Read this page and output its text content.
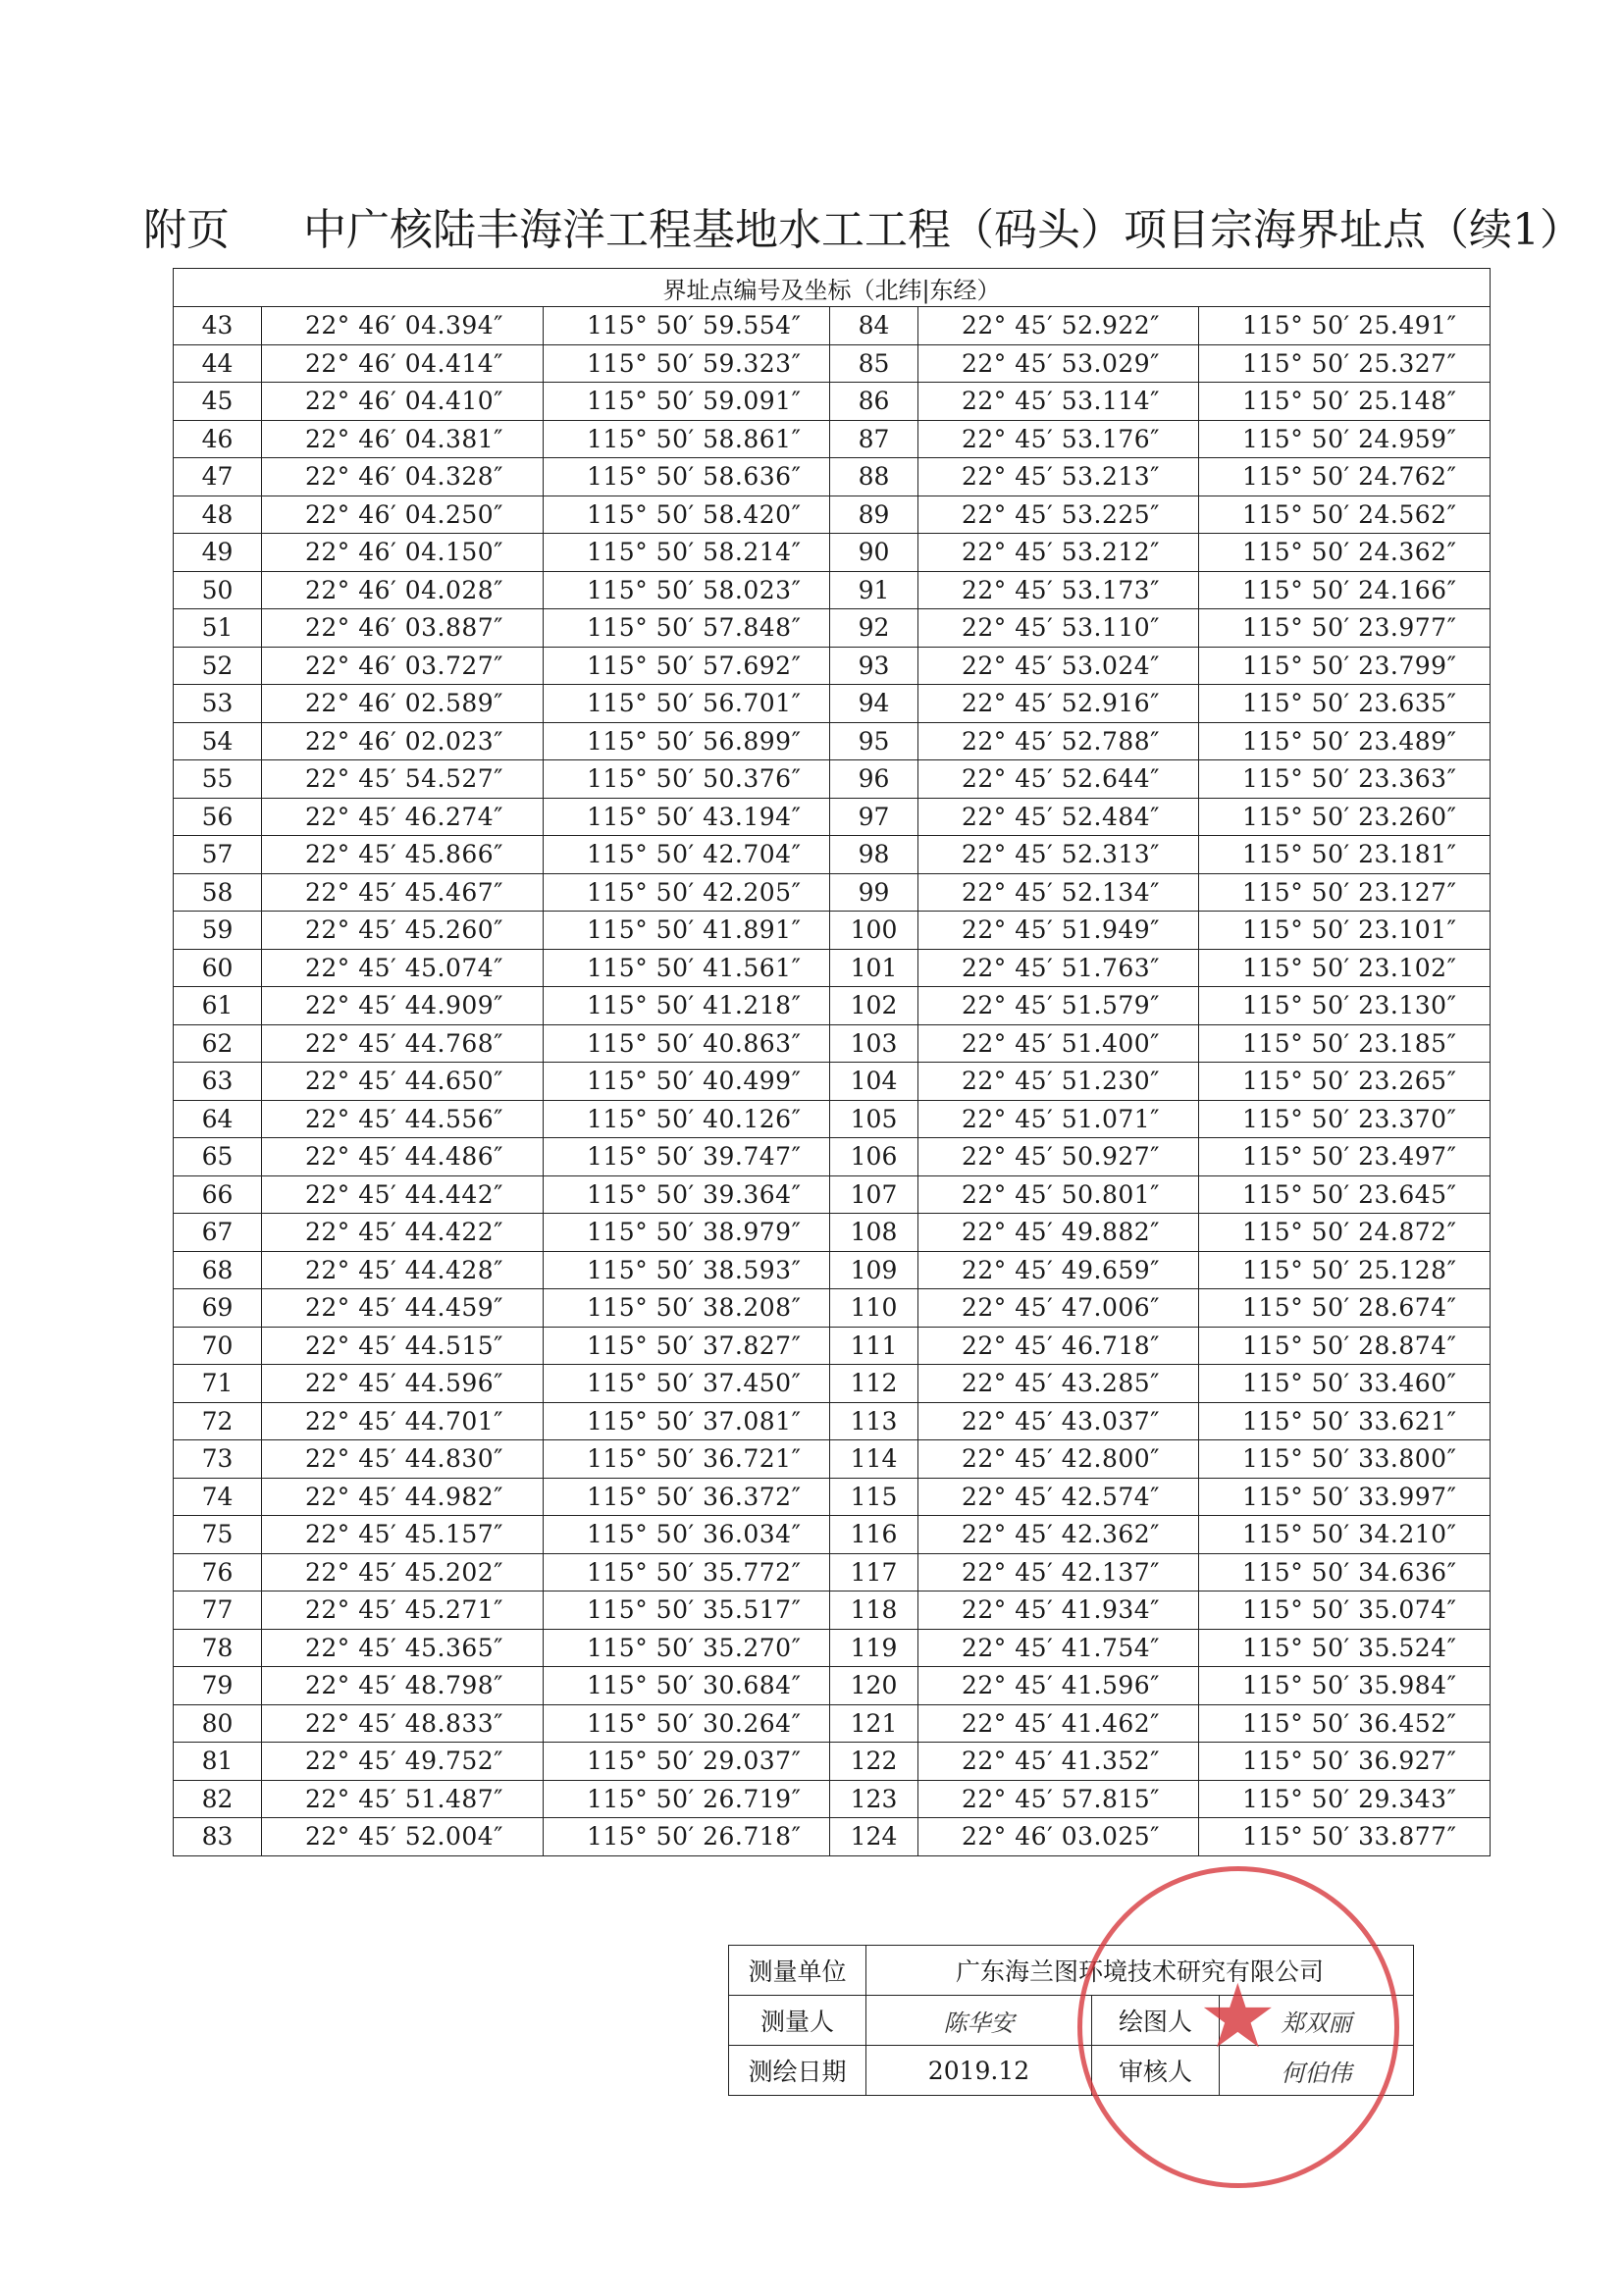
附页 中广核陆丰海洋工程基地水工工程（码头）项目宗海界址点（续1）
界址点编号及坐标（北纬|东经）					
43	22° 46′ 04.394″	115° 50′ 59.554″	84	22° 45′ 52.922″	115° 50′ 25.491″
44	22° 46′ 04.414″	115° 50′ 59.323″	85	22° 45′ 53.029″	115° 50′ 25.327″
45	22° 46′ 04.410″	115° 50′ 59.091″	86	22° 45′ 53.114″	115° 50′ 25.148″
46	22° 46′ 04.381″	115° 50′ 58.861″	87	22° 45′ 53.176″	115° 50′ 24.959″
47	22° 46′ 04.328″	115° 50′ 58.636″	88	22° 45′ 53.213″	115° 50′ 24.762″
48	22° 46′ 04.250″	115° 50′ 58.420″	89	22° 45′ 53.225″	115° 50′ 24.562″
49	22° 46′ 04.150″	115° 50′ 58.214″	90	22° 45′ 53.212″	115° 50′ 24.362″
50	22° 46′ 04.028″	115° 50′ 58.023″	91	22° 45′ 53.173″	115° 50′ 24.166″
51	22° 46′ 03.887″	115° 50′ 57.848″	92	22° 45′ 53.110″	115° 50′ 23.977″
52	22° 46′ 03.727″	115° 50′ 57.692″	93	22° 45′ 53.024″	115° 50′ 23.799″
53	22° 46′ 02.589″	115° 50′ 56.701″	94	22° 45′ 52.916″	115° 50′ 23.635″
54	22° 46′ 02.023″	115° 50′ 56.899″	95	22° 45′ 52.788″	115° 50′ 23.489″
55	22° 45′ 54.527″	115° 50′ 50.376″	96	22° 45′ 52.644″	115° 50′ 23.363″
56	22° 45′ 46.274″	115° 50′ 43.194″	97	22° 45′ 52.484″	115° 50′ 23.260″
57	22° 45′ 45.866″	115° 50′ 42.704″	98	22° 45′ 52.313″	115° 50′ 23.181″
58	22° 45′ 45.467″	115° 50′ 42.205″	99	22° 45′ 52.134″	115° 50′ 23.127″
59	22° 45′ 45.260″	115° 50′ 41.891″	100	22° 45′ 51.949″	115° 50′ 23.101″
60	22° 45′ 45.074″	115° 50′ 41.561″	101	22° 45′ 51.763″	115° 50′ 23.102″
61	22° 45′ 44.909″	115° 50′ 41.218″	102	22° 45′ 51.579″	115° 50′ 23.130″
62	22° 45′ 44.768″	115° 50′ 40.863″	103	22° 45′ 51.400″	115° 50′ 23.185″
63	22° 45′ 44.650″	115° 50′ 40.499″	104	22° 45′ 51.230″	115° 50′ 23.265″
64	22° 45′ 44.556″	115° 50′ 40.126″	105	22° 45′ 51.071″	115° 50′ 23.370″
65	22° 45′ 44.486″	115° 50′ 39.747″	106	22° 45′ 50.927″	115° 50′ 23.497″
66	22° 45′ 44.442″	115° 50′ 39.364″	107	22° 45′ 50.801″	115° 50′ 23.645″
67	22° 45′ 44.422″	115° 50′ 38.979″	108	22° 45′ 49.882″	115° 50′ 24.872″
68	22° 45′ 44.428″	115° 50′ 38.593″	109	22° 45′ 49.659″	115° 50′ 25.128″
69	22° 45′ 44.459″	115° 50′ 38.208″	110	22° 45′ 47.006″	115° 50′ 28.674″
70	22° 45′ 44.515″	115° 50′ 37.827″	111	22° 45′ 46.718″	115° 50′ 28.874″
71	22° 45′ 44.596″	115° 50′ 37.450″	112	22° 45′ 43.285″	115° 50′ 33.460″
72	22° 45′ 44.701″	115° 50′ 37.081″	113	22° 45′ 43.037″	115° 50′ 33.621″
73	22° 45′ 44.830″	115° 50′ 36.721″	114	22° 45′ 42.800″	115° 50′ 33.800″
74	22° 45′ 44.982″	115° 50′ 36.372″	115	22° 45′ 42.574″	115° 50′ 33.997″
75	22° 45′ 45.157″	115° 50′ 36.034″	116	22° 45′ 42.362″	115° 50′ 34.210″
76	22° 45′ 45.202″	115° 50′ 35.772″	117	22° 45′ 42.137″	115° 50′ 34.636″
77	22° 45′ 45.271″	115° 50′ 35.517″	118	22° 45′ 41.934″	115° 50′ 35.074″
78	22° 45′ 45.365″	115° 50′ 35.270″	119	22° 45′ 41.754″	115° 50′ 35.524″
79	22° 45′ 48.798″	115° 50′ 30.684″	120	22° 45′ 41.596″	115° 50′ 35.984″
80	22° 45′ 48.833″	115° 50′ 30.264″	121	22° 45′ 41.462″	115° 50′ 36.452″
81	22° 45′ 49.752″	115° 50′ 29.037″	122	22° 45′ 41.352″	115° 50′ 36.927″
82	22° 45′ 51.487″	115° 50′ 26.719″	123	22° 45′ 57.815″	115° 50′ 29.343″
83	22° 45′ 52.004″	115° 50′ 26.718″	124	22° 46′ 03.025″	115° 50′ 33.877″
测量单位	广东海兰图环境技术研究有限公司		
测量人	陈华安	绘图人	郑双丽
测绘日期	2019.12	审核人	何伯伟
★
